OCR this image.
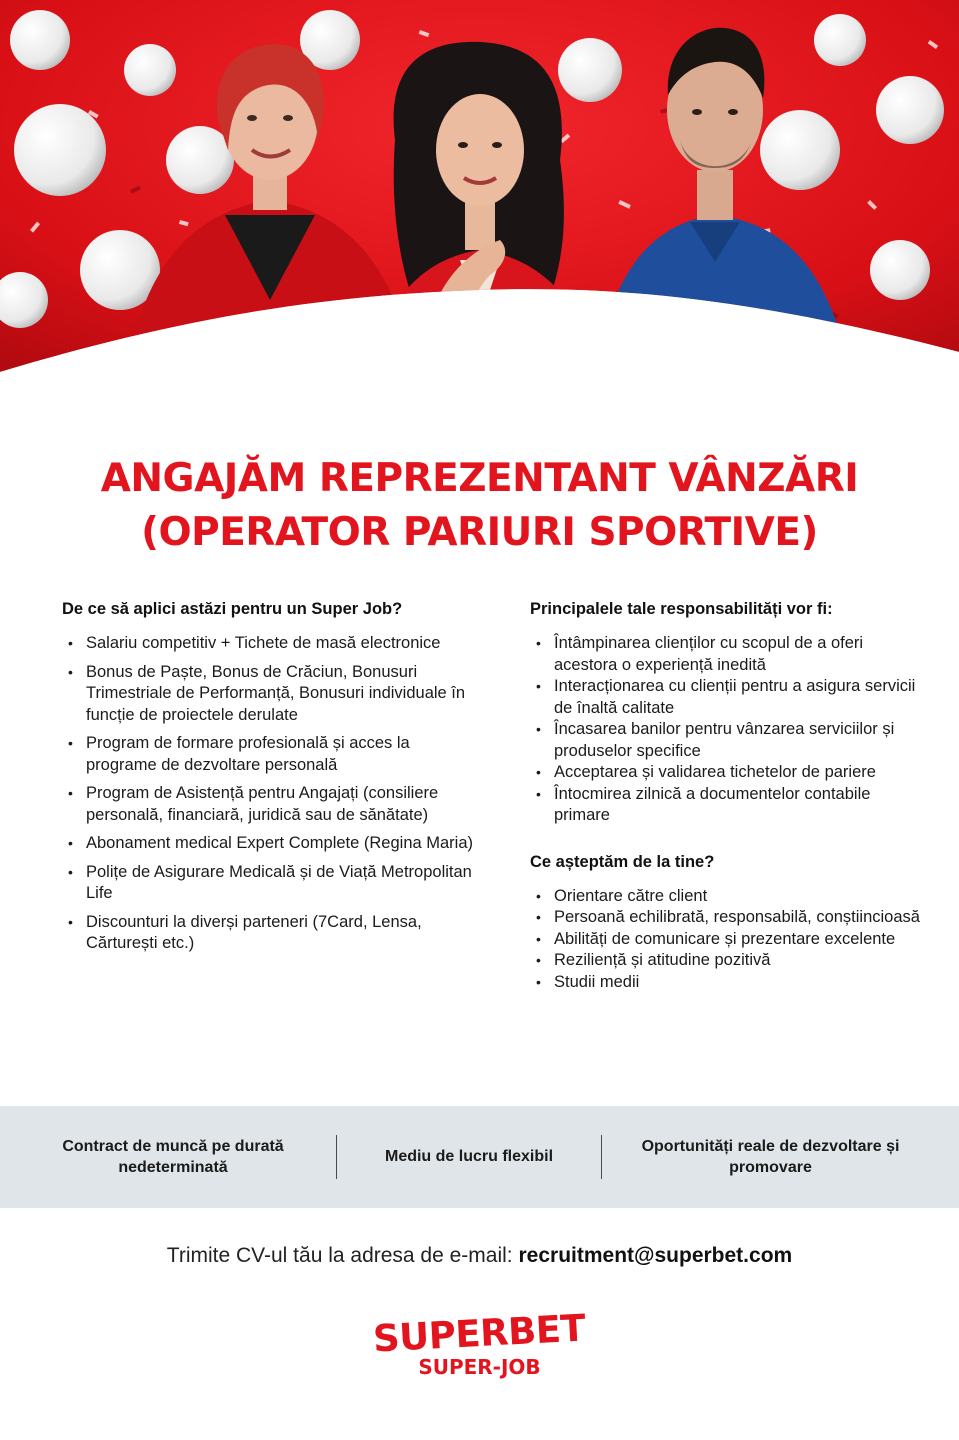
ANGAJĂM REPREZENTANT VÂNZĂRI
(OPERATOR PARIURI SPORTIVE)
De ce să aplici astăzi pentru un Super Job?
• Salariu competitiv + Tichete de masă electronice
• Bonus de Paște, Bonus de Crăciun, Bonusuri Trimestriale de Performanță, Bonusuri individuale în funcție de proiectele derulate
• Program de formare profesională și acces la programe de dezvoltare personală
• Program de Asistență pentru Angajați (consiliere personală, financiară, juridică sau de sănătate)
• Abonament medical Expert Complete (Regina Maria)
• Polițe de Asigurare Medicală și de Viață Metropolitan Life
• Discounturi la diverși parteneri (7Card, Lensa, Cărturești etc.)
Principalele tale responsabilități vor fi:
• Întâmpinarea clienților cu scopul de a oferi acestora o experiență inedită
• Interacționarea cu clienții pentru a asigura servicii de înaltă calitate
• Încasarea banilor pentru vânzarea serviciilor și produselor specifice
• Acceptarea și validarea tichetelor de pariere
• Întocmirea zilnică a documentelor contabile primare
Ce așteptăm de la tine?
• Orientare către client
• Persoană echilibrată, responsabilă, conștiincioasă
• Abilități de comunicare și prezentare excelente
• Reziliență și atitudine pozitivă
• Studii medii
Contract de muncă pe durată nedeterminată
Mediu de lucru flexibil
Oportunități reale de dezvoltare și promovare
Trimite CV-ul tău la adresa de e-mail: recruitment@superbet.com
SUPERBET
SUPER-JOB
